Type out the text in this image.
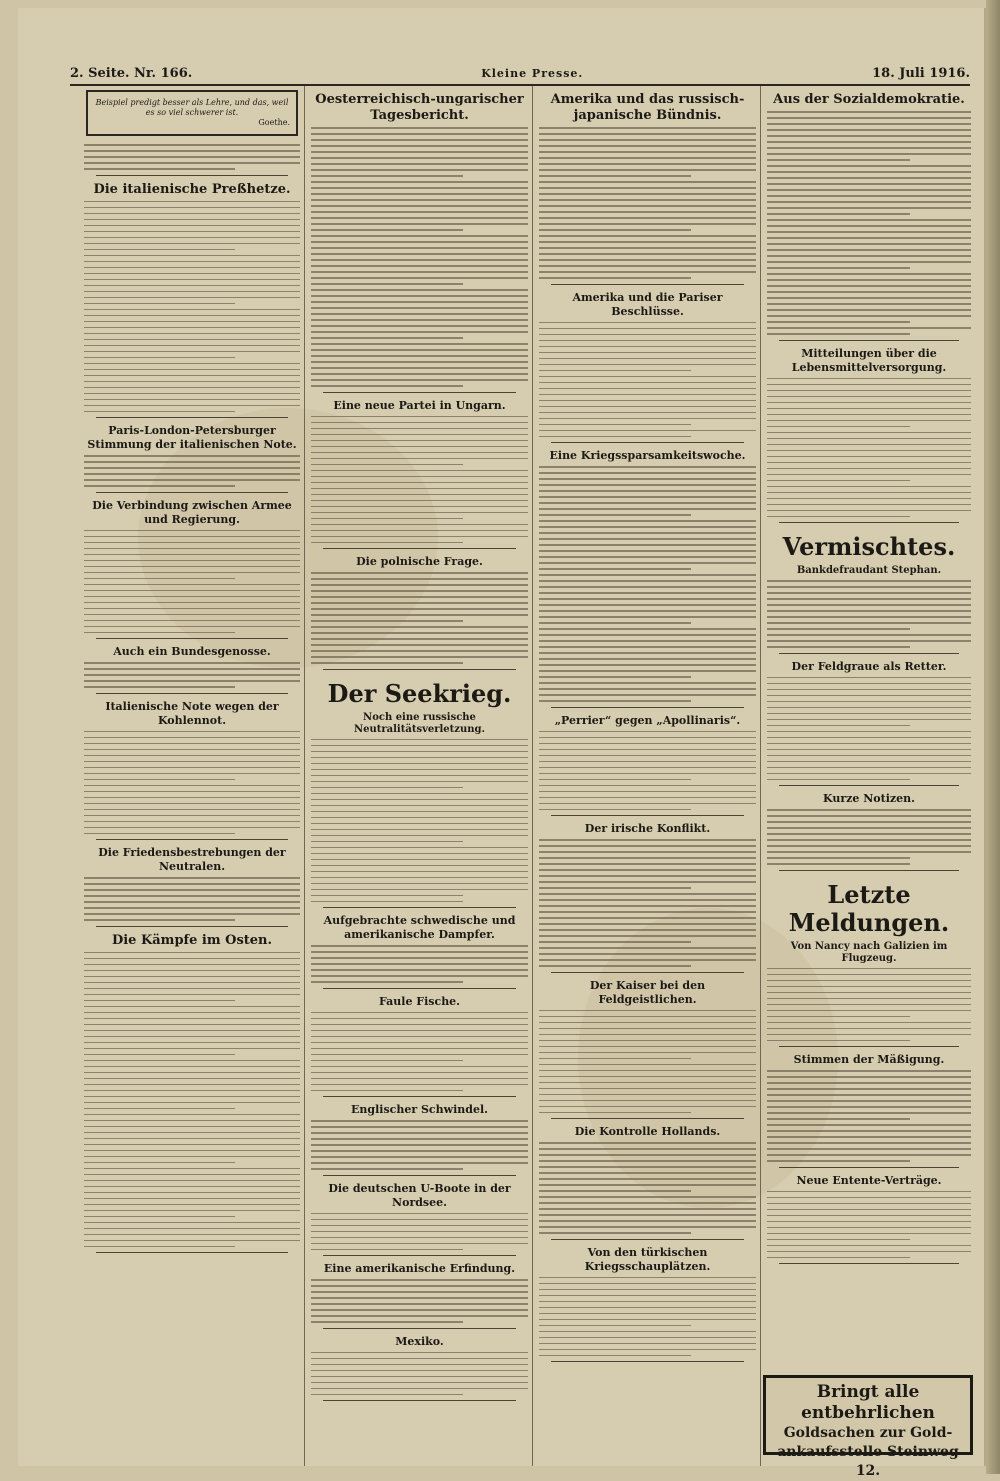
2. Seite. Nr. 166.	Kleine Presse.	18. Juli 1916.
Beispiel predigt besser als Lehre, und das, weil es so viel schwerer ist.
Goethe.
Die italienische Preßhetze.
Paris-London-Petersburger Stimmung der italienischen Note.
Die Verbindung zwischen Armee und Regierung.
Auch ein Bundesgenosse.
Italienische Note wegen der Kohlennot.
Die Friedensbestrebungen der Neutralen.
Die Kämpfe im Osten.
Oesterreichisch-ungarischer Tagesbericht.
Eine neue Partei in Ungarn.
Die polnische Frage.
Der Seekrieg.
Noch eine russische Neutralitätsverletzung.
Aufgebrachte schwedische und amerikanische Dampfer.
Faule Fische.
Englischer Schwindel.
Die deutschen U-Boote in der Nordsee.
Eine amerikanische Erfindung.
Mexiko.
Amerika und das russisch-japanische Bündnis.
Amerika und die Pariser Beschlüsse.
Eine Kriegssparsamkeitswoche.
„Perrier“ gegen „Apollinaris“.
Der irische Konflikt.
Der Kaiser bei den Feldgeistlichen.
Die Kontrolle Hollands.
Von den türkischen Kriegsschauplätzen.
Aus der Sozialdemokratie.
Mitteilungen über die Lebensmittelversorgung.
Vermischtes.
Bankdefraudant Stephan.
Der Feldgraue als Retter.
Kurze Notizen.
Letzte Meldungen.
Von Nancy nach Galizien im Flugzeug.
Stimmen der Mäßigung.
Neue Entente-Verträge.
Bringt alle entbehrlichen
Goldsachen zur Gold-
ankaufsstelle Steinweg 12.
